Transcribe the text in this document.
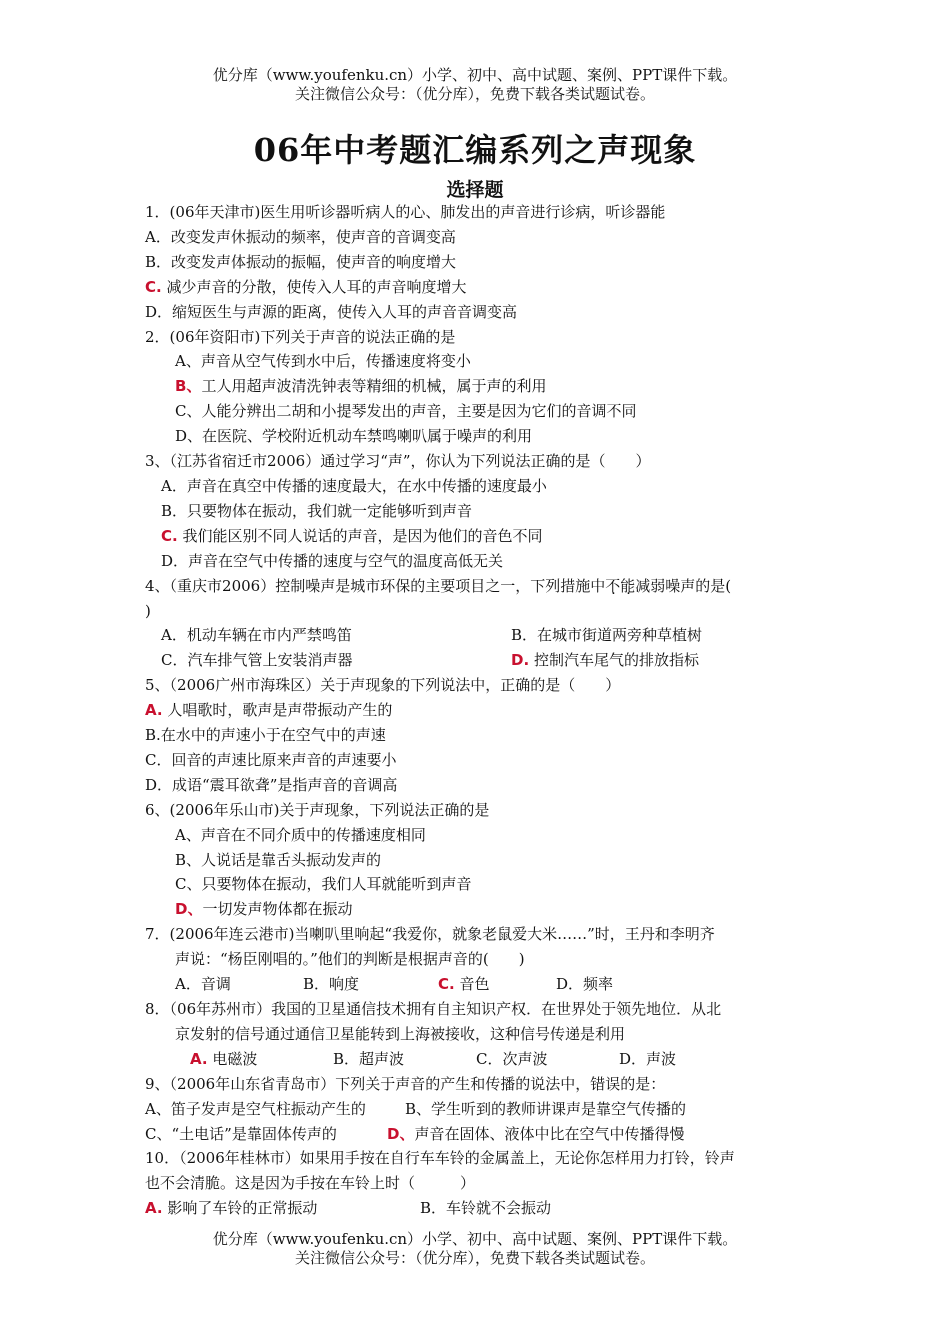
优分库（www.youfenku.cn）小学、初中、高中试题、案例、PPT课件下载。
关注微信公众号：（优分库），免费下载各类试题试卷。
06年中考题汇编系列之声现象
选择题
1．(06年天津市)医生用听诊器听病人的心、肺发出的声音进行诊病，听诊器能
A．改变发声休振动的频率，使声音的音调变高
B．改变发声体振动的振幅，使声音的响度增大
C. 减少声音的分散，使传入人耳的声音响度增大
D．缩短医生与声源的距离，使传入人耳的声音音调变高
2．(06年资阳市)下列关于声音的说法正确的是
A、声音从空气传到水中后，传播速度将变小
B、工人用超声波清洗钟表等精细的机械，属于声的利用
C、人能分辨出二胡和小提琴发出的声音，主要是因为它们的音调不同
D、在医院、学校附近机动车禁鸣喇叭属于噪声的利用
3、（江苏省宿迁市2006）通过学习“声”，你认为下列说法正确的是（　　）
A．声音在真空中传播的速度最大，在水中传播的速度最小
B．只要物体在振动，我们就一定能够听到声音
C. 我们能区别不同人说话的声音，是因为他们的音色不同
D．声音在空气中传播的速度与空气的温度高低无关
4、（重庆市2006）控制噪声是城市环保的主要项目之一，下列措施中不能减弱噪声的是(
)
A．机动车辆在市内严禁鸣笛	B．在城市街道两旁种草植树
C．汽车排气管上安装消声器	D. 控制汽车尾气的排放指标
5、（2006广州市海珠区）关于声现象的下列说法中，正确的是（　　）
A. 人唱歌时，歌声是声带振动产生的
B.在水中的声速小于在空气中的声速
C．回音的声速比原来声音的声速要小
D．成语“震耳欲聋”是指声音的音调高
6、(2006年乐山市)关于声现象，下列说法正确的是
A、声音在不同介质中的传播速度相同
B、人说话是靠舌头振动发声的
C、只要物体在振动，我们人耳就能听到声音
D、一切发声物体都在振动
7．(2006年连云港市)当喇叭里响起“我爱你，就象老鼠爱大米……”时，王丹和李明齐
声说：“杨臣刚唱的。”他们的判断是根据声音的(　　)
A．音调	B．响度	C. 音色	D．频率
8．（06年苏州市）我国的卫星通信技术拥有自主知识产权．在世界处于领先地位．从北
京发射的信号通过通信卫星能转到上海被接收，这种信号传递是利用
A. 电磁波	B．超声波	C．次声波	D．声波
9、（2006年山东省青岛市）下列关于声音的产生和传播的说法中，错误的是：
A、笛子发声是空气柱振动产生的	B、学生听到的教师讲课声是靠空气传播的
C、“土电话”是靠固体传声的	D、声音在固体、液体中比在空气中传播得慢
10．（2006年桂林市）如果用手按在自行车车铃的金属盖上，无论你怎样用力打铃，铃声
也不会清脆。这是因为手按在车铃上时（　　　）
A. 影响了车铃的正常振动	B．车铃就不会振动
优分库（www.youfenku.cn）小学、初中、高中试题、案例、PPT课件下载。
关注微信公众号：（优分库），免费下载各类试题试卷。
